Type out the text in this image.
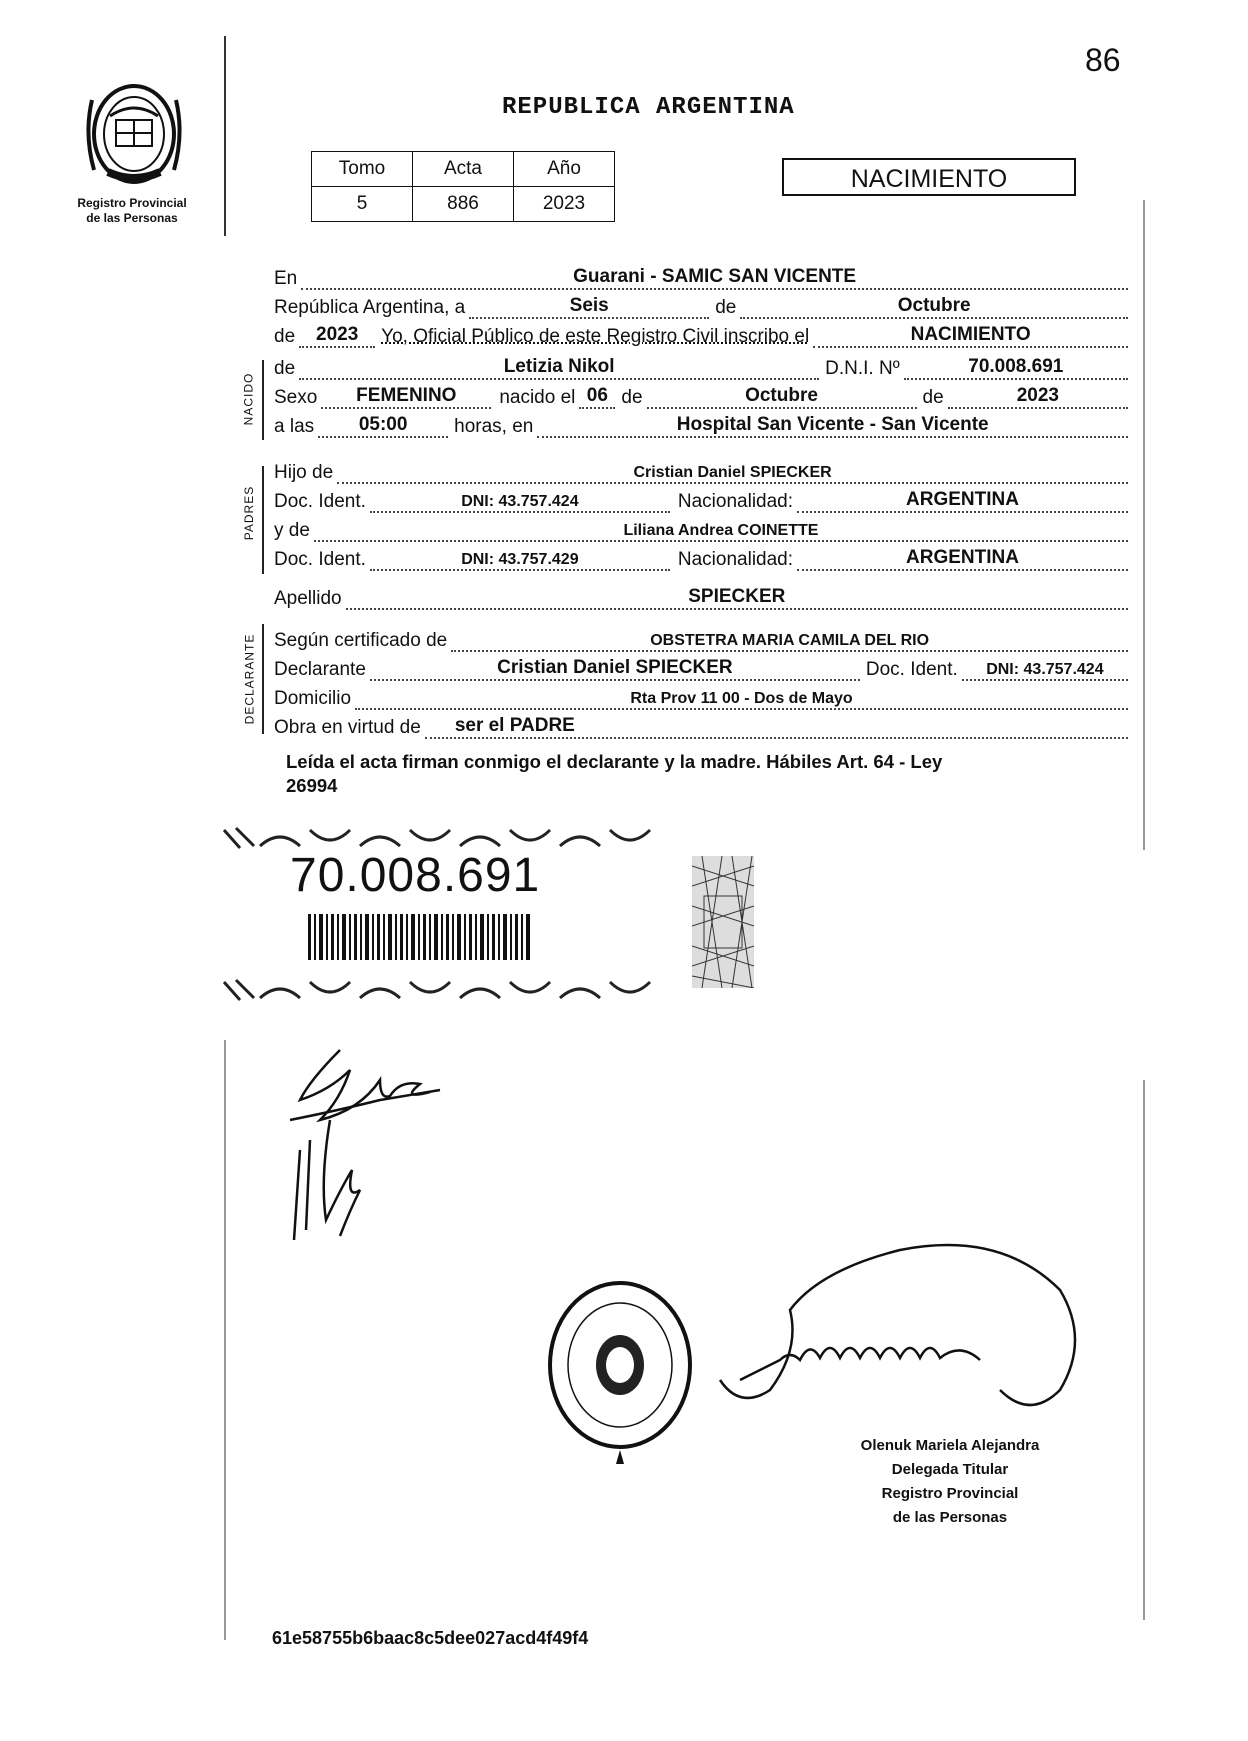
86
Registro Provincial
de las Personas
REPUBLICA ARGENTINA
Tomo	Acta	Año
5	886	2023
NACIMIENTO
NACIDO
PADRES
DECLARANTE
En	Guarani - SAMIC SAN VICENTE
República Argentina, a	Seis	de	Octubre
de	2023	Yo, Oficial Público de este Registro Civil inscribo el	NACIMIENTO
de	Letizia Nikol	D.N.I. Nº	70.008.691
Sexo	FEMENINO	nacido el 06 de	Octubre	de	2023
a las	05:00	horas, en	Hospital San Vicente - San Vicente
Hijo de	Cristian Daniel SPIECKER
Doc. Ident.	DNI: 43.757.424	Nacionalidad:	ARGENTINA
y de	Liliana Andrea COINETTE
Doc. Ident.	DNI: 43.757.429	Nacionalidad:	ARGENTINA
Apellido	SPIECKER
Según certificado de	OBSTETRA MARIA CAMILA DEL RIO
Declarante	Cristian Daniel SPIECKER	Doc. Ident.	DNI: 43.757.424
Domicilio	Rta Prov 11 00 - Dos de Mayo
Obra en virtud de	ser el PADRE
Leída el acta firman conmigo el declarante y la madre. Hábiles Art. 64 - Ley
26994
70.008.691
Olenuk Mariela Alejandra
Delegada Titular
Registro Provincial
de las Personas
61e58755b6baac8c5dee027acd4f49f4
